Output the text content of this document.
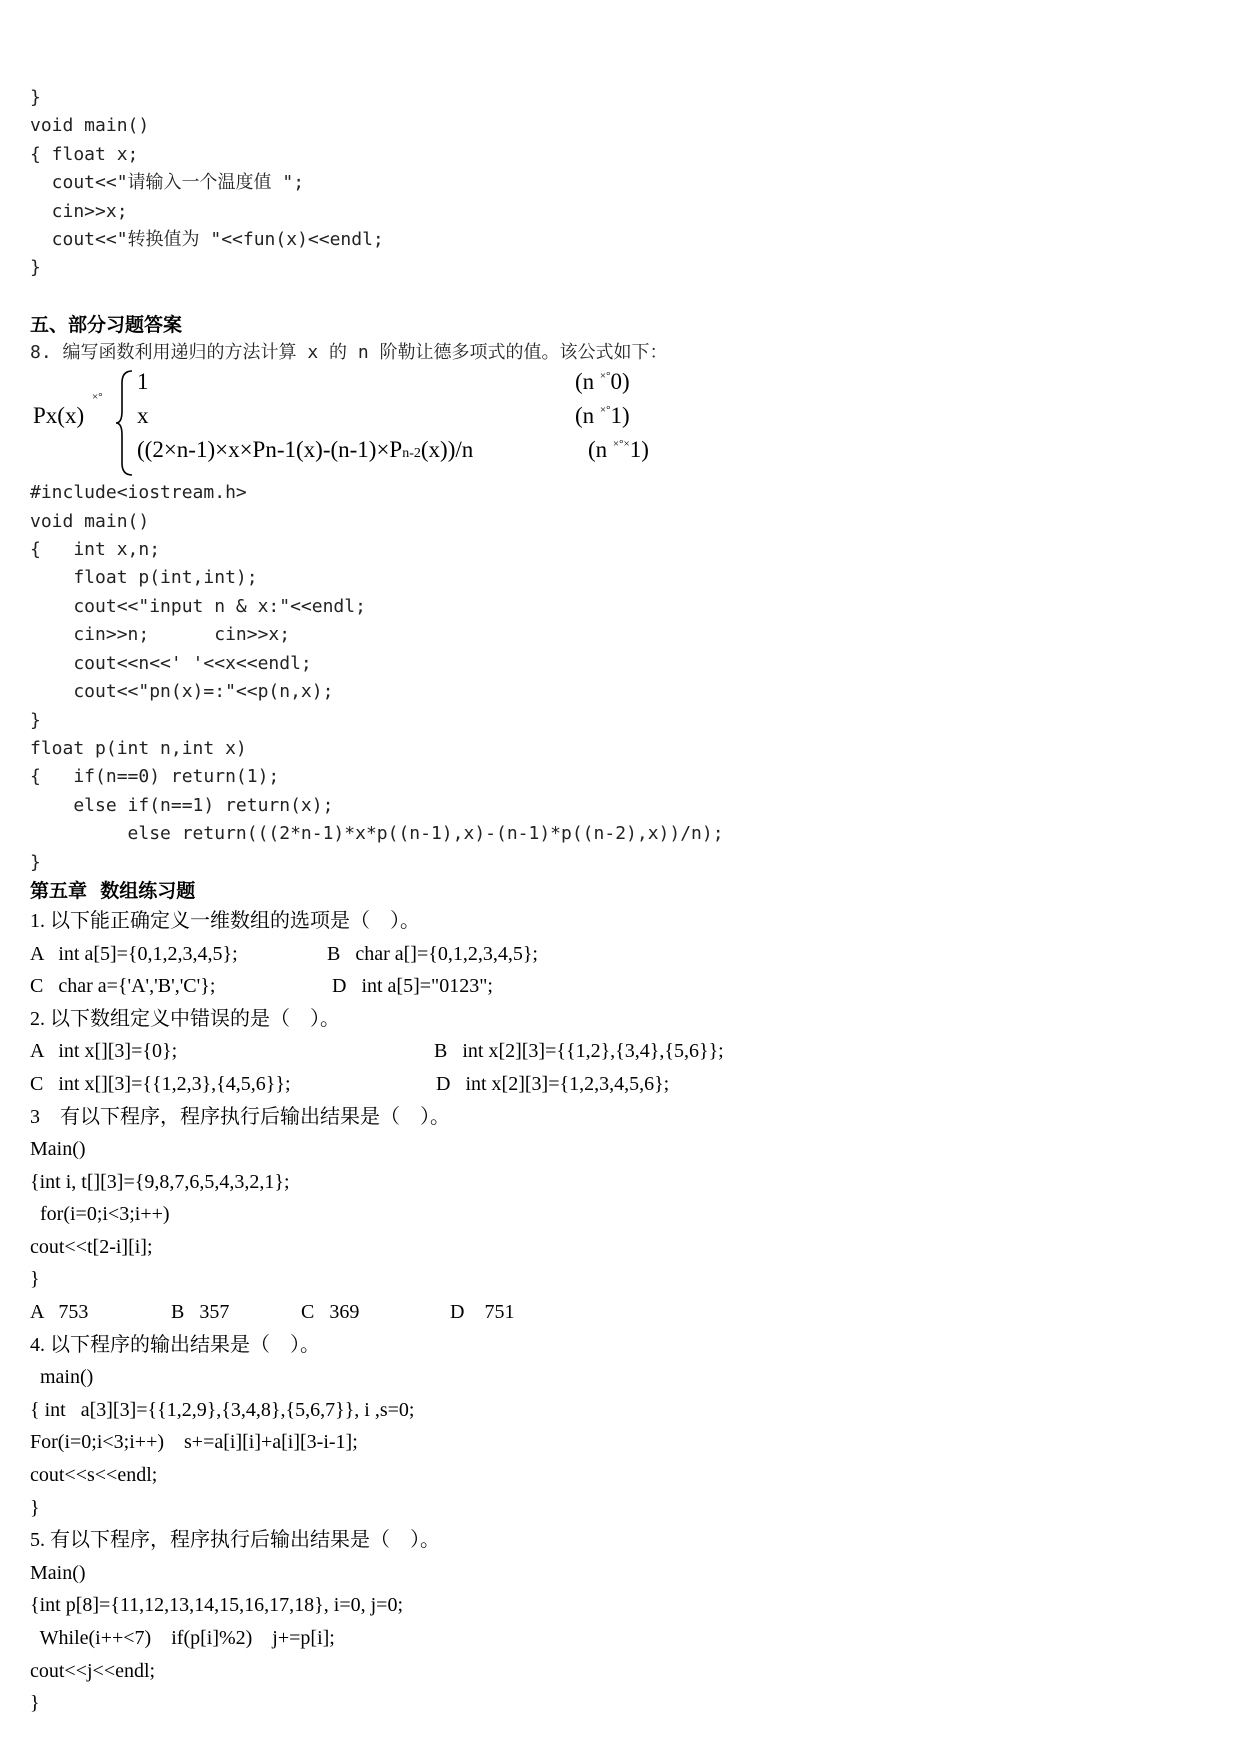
}
void main()
{ float x;
cout<<"请输入一个温度值 ";
cin>>x;
cout<<"转换值为 "<<fun(x)<<endl;
}
五、部分习题答案
8. 编写函数利用递归的方法计算 x 的 n 阶勒让德多项式的值。该公式如下：
Px(x)
×°
1	(n ×°0)
x	(n ×°1)
((2×n-1)×x×Pn-1(x)-(n-1)×Pn-2(x))/n	(n ×°×1)
#include<iostream.h>
void main()
{   int x,n;
float p(int,int);
cout<<"input n & x:"<<endl;
cin>>n;      cin>>x;
cout<<n<<' '<<x<<endl;
cout<<"pn(x)=:"<<p(n,x);
}
float p(int n,int x)
{   if(n==0) return(1);
else if(n==1) return(x);
else return(((2*n-1)*x*p((n-1),x)-(n-1)*p((n-2),x))/n);
}
第五章  数组练习题
1. 以下能正确定义一维数组的选项是（    ）。

A   int a[5]={0,1,2,3,4,5};

	B   char a[]={0,1,2,3,4,5};

C   char a={'A','B','C'};

	D   int a[5]="0123";

2. 以下数组定义中错误的是（    ）。

A   int x[][3]={0};

	B   int x[2][3]={{1,2},{3,4},{5,6}};

C   int x[][3]={{1,2,3},{4,5,6}};

	D   int x[2][3]={1,2,3,4,5,6};

3    有以下程序，程序执行后输出结果是（    ）。
Main()
{int i, t[][3]={9,8,7,6,5,4,3,2,1};
for(i=0;i<3;i++)
cout<<t[2-i][i];
}

A   753

	B   357

	C   369

	D    751

4. 以下程序的输出结果是（    ）。
main()
{ int   a[3][3]={{1,2,9},{3,4,8},{5,6,7}}, i ,s=0;
For(i=0;i<3;i++)    s+=a[i][i]+a[i][3-i-1];
cout<<s<<endl;
}
5. 有以下程序，程序执行后输出结果是（    ）。
Main()
{int p[8]={11,12,13,14,15,16,17,18}, i=0, j=0;
While(i++<7)    if(p[i]%2)    j+=p[i];
cout<<j<<endl;
}
